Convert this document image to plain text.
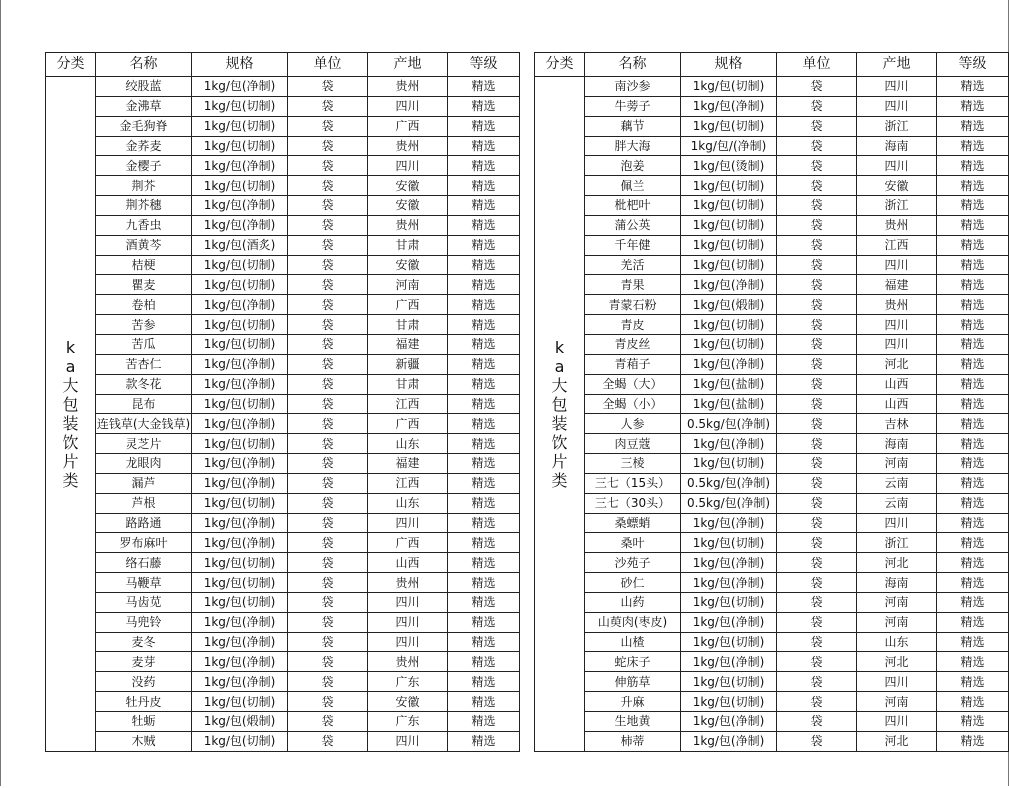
分类	名称	规格	单位	产地	等级

ka大包装饮片类	绞股蓝	1kg/包(净制)	袋	贵州	精选
	金沸草	1kg/包(切制)	袋	四川	精选
	金毛狗脊	1kg/包(切制)	袋	广西	精选
	金荞麦	1kg/包(切制)	袋	贵州	精选
	金樱子	1kg/包(净制)	袋	四川	精选
	荆芥	1kg/包(切制)	袋	安徽	精选
	荆芥穗	1kg/包(净制)	袋	安徽	精选
	九香虫	1kg/包(净制)	袋	贵州	精选
	酒黄芩	1kg/包(酒炙)	袋	甘肃	精选
	桔梗	1kg/包(切制)	袋	安徽	精选
	瞿麦	1kg/包(切制)	袋	河南	精选
	卷柏	1kg/包(净制)	袋	广西	精选
	苦参	1kg/包(切制)	袋	甘肃	精选
	苦瓜	1kg/包(切制)	袋	福建	精选
	苦杏仁	1kg/包(净制)	袋	新疆	精选
	款冬花	1kg/包(净制)	袋	甘肃	精选
	昆布	1kg/包(切制)	袋	江西	精选
	连钱草(大金钱草)	1kg/包(净制)	袋	广西	精选
	灵芝片	1kg/包(切制)	袋	山东	精选
	龙眼肉	1kg/包(净制)	袋	福建	精选
	漏芦	1kg/包(净制)	袋	江西	精选
	芦根	1kg/包(切制)	袋	山东	精选
	路路通	1kg/包(净制)	袋	四川	精选
	罗布麻叶	1kg/包(净制)	袋	广西	精选
	络石藤	1kg/包(切制)	袋	山西	精选
	马鞭草	1kg/包(切制)	袋	贵州	精选
	马齿苋	1kg/包(切制)	袋	四川	精选
	马兜铃	1kg/包(净制)	袋	四川	精选
	麦冬	1kg/包(净制)	袋	四川	精选
	麦芽	1kg/包(净制)	袋	贵州	精选
	没药	1kg/包(净制)	袋	广东	精选
	牡丹皮	1kg/包(切制)	袋	安徽	精选
	牡蛎	1kg/包(煅制)	袋	广东	精选
	木贼	1kg/包(切制)	袋	四川	精选
分类	名称	规格	单位	产地	等级

ka大包装饮片类	南沙参	1kg/包(切制)	袋	四川	精选
	牛蒡子	1kg/包(净制)	袋	四川	精选
	藕节	1kg/包(切制)	袋	浙江	精选
	胖大海	1kg/包/(净制)	袋	海南	精选
	泡姜	1kg/包(烫制)	袋	四川	精选
	佩兰	1kg/包(切制)	袋	安徽	精选
	枇杷叶	1kg/包(切制)	袋	浙江	精选
	蒲公英	1kg/包(切制)	袋	贵州	精选
	千年健	1kg/包(切制)	袋	江西	精选
	羌活	1kg/包(切制)	袋	四川	精选
	青果	1kg/包(净制)	袋	福建	精选
	青蒙石粉	1kg/包(煅制)	袋	贵州	精选
	青皮	1kg/包(切制)	袋	四川	精选
	青皮丝	1kg/包(切制)	袋	四川	精选
	青葙子	1kg/包(净制)	袋	河北	精选
	全蝎（大）	1kg/包(盐制)	袋	山西	精选
	全蝎（小）	1kg/包(盐制)	袋	山西	精选
	人参	0.5kg/包(净制)	袋	吉林	精选
	肉豆蔻	1kg/包(净制)	袋	海南	精选
	三棱	1kg/包(切制)	袋	河南	精选
	三七（15头）	0.5kg/包(净制)	袋	云南	精选
	三七（30头）	0.5kg/包(净制)	袋	云南	精选
	桑螵蛸	1kg/包(净制)	袋	四川	精选
	桑叶	1kg/包(切制)	袋	浙江	精选
	沙苑子	1kg/包(净制)	袋	河北	精选
	砂仁	1kg/包(净制)	袋	海南	精选
	山药	1kg/包(切制)	袋	河南	精选
	山萸肉(枣皮)	1kg/包(净制)	袋	河南	精选
	山楂	1kg/包(切制)	袋	山东	精选
	蛇床子	1kg/包(净制)	袋	河北	精选
	伸筋草	1kg/包(切制)	袋	四川	精选
	升麻	1kg/包(切制)	袋	河南	精选
	生地黄	1kg/包(净制)	袋	四川	精选
	柿蒂	1kg/包(净制)	袋	河北	精选
